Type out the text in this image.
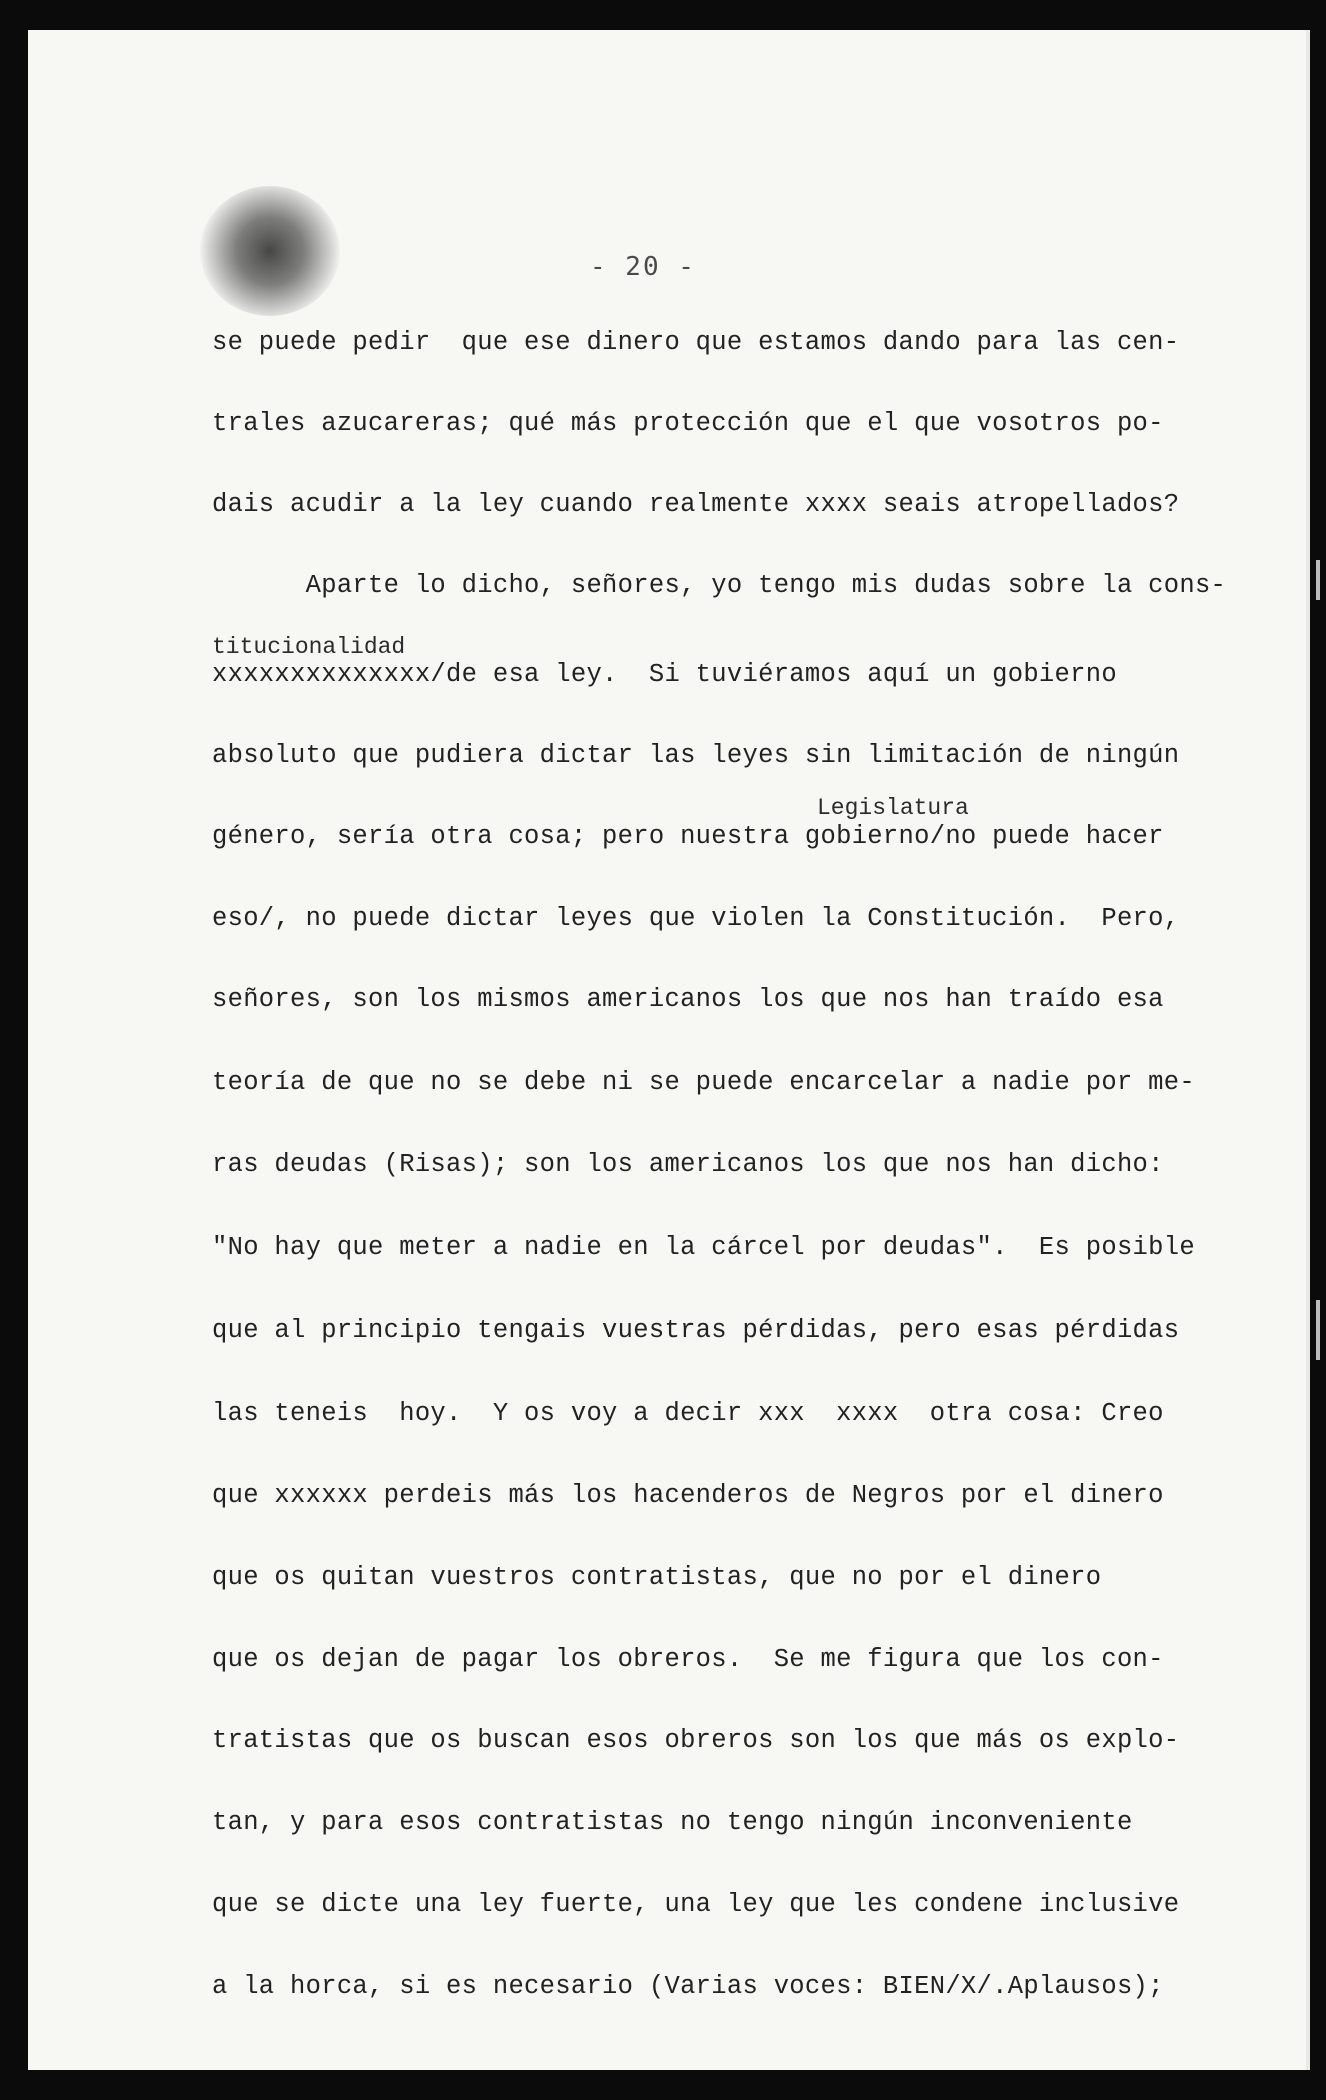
- 20 -
se puede pedir  que ese dinero que estamos dando para las cen-
trales azucareras; qué más protección que el que vosotros po-
dais acudir a la ley cuando realmente xxxx seais atropellados?
Aparte lo dicho, señores, yo tengo mis dudas sobre la cons-
titucionalidad
xxxxxxxxxxxxxx/de esa ley.  Si tuviéramos aquí un gobierno
absoluto que pudiera dictar las leyes sin limitación de ningún
Legislatura
género, sería otra cosa; pero nuestra gobierno/no puede hacer
eso/, no puede dictar leyes que violen la Constitución.  Pero,
señores, son los mismos americanos los que nos han traído esa
teoría de que no se debe ni se puede encarcelar a nadie por me-
ras deudas (Risas); son los americanos los que nos han dicho:
"No hay que meter a nadie en la cárcel por deudas".  Es posible
que al principio tengais vuestras pérdidas, pero esas pérdidas
las teneis  hoy.  Y os voy a decir xxx  xxxx  otra cosa: Creo
que xxxxxx perdeis más los hacenderos de Negros por el dinero
que os quitan vuestros contratistas, que no por el dinero
que os dejan de pagar los obreros.  Se me figura que los con-
tratistas que os buscan esos obreros son los que más os explo-
tan, y para esos contratistas no tengo ningún inconveniente
que se dicte una ley fuerte, una ley que les condene inclusive
a la horca, si es necesario (Varias voces: BIEN/X/.Aplausos);
